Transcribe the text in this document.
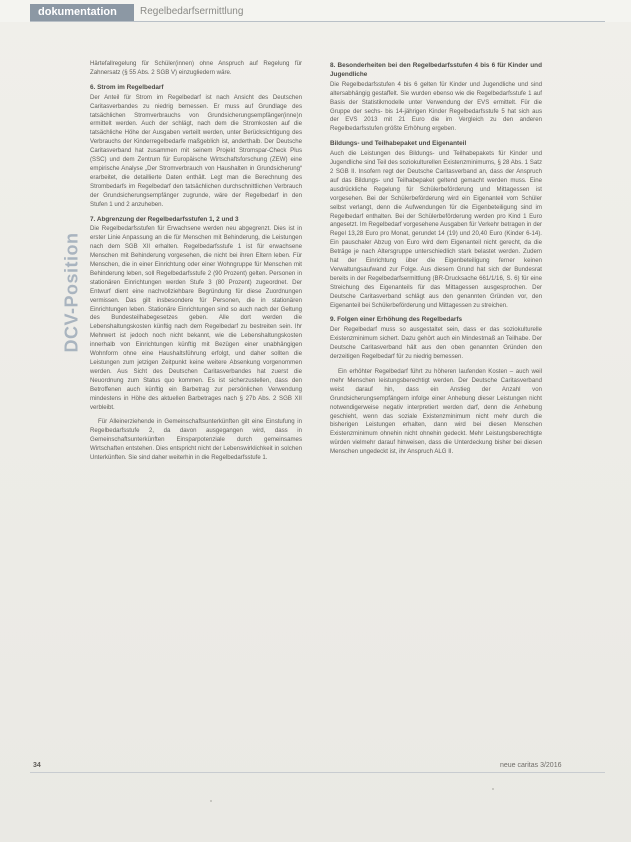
dokumentation	Regelbedarfsermittlung
DCV-Position

Härtefallregelung für Schüler(innen) ohne Anspruch auf Regelung für Zahnersatz (§ 55 Abs. 2 SGB V) einzugliedern wäre.

6. Strom im Regelbedarf

Der Anteil für Strom im Regelbedarf ist nach Ansicht des Deutschen Caritasverbandes zu niedrig bemessen. Er muss auf Grundlage des tatsächlichen Stromverbrauchs von Grundsicherungsempfänger(inne)n ermittelt werden. Auch der schlägt, nach dem die Stromkosten auf die tatsächliche Höhe der Ausgaben verteilt werden, unter Berücksichtigung des Verbrauchs der Kinderregelbedarfe maßgeblich ist, anderthalb. Der Deutsche Caritasverband hat zusammen mit seinem Projekt Stromspar-Check Plus (SSC) und dem Zentrum für Europäische Wirtschaftsforschung (ZEW) eine empirische Analyse „Der Stromverbrauch von Haushalten in Grundsicherung“ erarbeitet, die detaillierte Daten enthält. Legt man die Berechnung des Strombedarfs im Regelbedarf den tatsächlichen durchschnittlichen Verbrauch der Grundsicherungsempfänger zugrunde, wäre der Regelbedarf in den Stufen 1 und 2 anzuheben.

7. Abgrenzung der Regelbedarfsstufen 1, 2 und 3

Die Regelbedarfsstufen für Erwachsene werden neu abgegrenzt. Dies ist in erster Linie Anpassung an die für Menschen mit Behinderung, die Leistungen nach dem SGB XII erhalten. Regelbedarfsstufe 1 ist für erwachsene Menschen mit Behinderung vorgesehen, die nicht bei ihren Eltern leben. Für Menschen, die in einer Einrichtung oder einer Wohngruppe für Menschen mit Behinderung leben, soll Regelbedarfsstufe 2 (90 Prozent) gelten. Personen in stationären Einrichtungen werden Stufe 3 (80 Prozent) zugeordnet. Der Entwurf dient eine nachvollziehbare Begründung für diese Zuordnungen vermissen. Das gilt insbesondere für Personen, die in stationären Einrichtungen leben. Stationäre Einrichtungen sind so auch nach der Geltung des Bundesteilhabegesetzes geben. Alle dort werden die Lebenshaltungskosten künftig nach dem Regelbedarf zu bestreiten sein. Ihr Mehrwert ist jedoch noch nicht bekannt, wie die Lebenshaltungskosten innerhalb von Einrichtungen künftig mit Bezügen einer unabhängigen Wohnform ohne eine Haushaltsführung erfolgt, und daher sollten die Leistungen zum jetzigen Zeitpunkt keine weitere Absenkung vorgenommen werden. Aus Sicht des Deutschen Caritasverbandes hat zuerst die Neuordnung zum Status quo kommen. Es ist sicherzustellen, dass den Betroffenen auch künftig ein Barbetrag zur persönlichen Verwendung mindestens in Höhe des aktuellen Barbetrages nach § 27b Abs. 2 SGB XII verbleibt.

Für Alleinerziehende in Gemeinschaftsunterkünften gilt eine Einstufung in Regelbedarfsstufe 2, da davon ausgegangen wird, dass in Gemeinschaftsunterkünften Einsparpotenziale durch gemeinsames Wirtschaften entstehen. Dies entspricht nicht der Lebenswirklichkeit in solchen Unterkünften. Sie sind daher weiterhin in die Regelbedarfsstufe 1.

8. Besonderheiten bei den Regelbedarfsstufen 4 bis 6 für Kinder und Jugendliche

Die Regelbedarfsstufen 4 bis 6 gelten für Kinder und Jugendliche und sind altersabhängig gestaffelt. Sie wurden ebenso wie die Regelbedarfsstufe 1 auf Basis der Statistikmodelle unter Verwendung der EVS ermittelt. Für die Gruppe der sechs- bis 14-jährigen Kinder Regelbedarfsstufe 5 hat sich aus der EVS 2013 mit 21 Euro die im Vergleich zu den anderen Regelbedarfsstufen größte Erhöhung ergeben.

Bildungs- und Teilhabepaket und Eigenanteil

Auch die Leistungen des Bildungs- und Teilhabepakets für Kinder und Jugendliche sind Teil des soziokulturellen Existenzminimums, § 28 Abs. 1 Satz 2 SGB II. Insofern regt der Deutsche Caritasverband an, dass der Anspruch auf das Bildungs- und Teilhabepaket geltend gemacht werden muss. Eine ausdrückliche Regelung für Schülerbeförderung und Mittagessen ist vorgesehen. Bei der Schülerbeförderung wird ein Eigenanteil vom Schüler selbst verlangt, denn die Aufwendungen für die Eigenbeteiligung sind im Regelbedarf enthalten. Bei der Schülerbeförderung werden pro Kind 1 Euro angesetzt. Im Regelbedarf vorgesehene Ausgaben für Verkehr betragen in der Regel 13,28 Euro pro Monat, gerundet 14 (19) und 20,40 Euro (Kinder 6-14). Ein pauschaler Abzug von Euro wird dem Eigenanteil nicht gerecht, da die Beträge je nach Altersgruppe unterschiedlich stark belastet werden. Zudem hat der Einrichtung über die Eigenbeteiligung ferner keinen Verwaltungsaufwand zur Folge. Aus diesem Grund hat sich der Bundesrat bereits in der Regelbedarfsermittlung (BR-Drucksache 661/1/16, S. 6) für eine Streichung des Eigenanteils für das Mittagessen ausgesprochen. Der Deutsche Caritasverband schlägt aus den genannten Gründen vor, den Eigenanteil bei Schülerbeförderung und Mittagessen zu streichen.

9. Folgen einer Erhöhung des Regelbedarfs

Der Regelbedarf muss so ausgestaltet sein, dass er das soziokulturelle Existenzminimum sichert. Dazu gehört auch ein Mindestmaß an Teilhabe. Der Deutsche Caritasverband hält aus den oben genannten Gründen den derzeitigen Regelbedarf für zu niedrig bemessen.

Ein erhöhter Regelbedarf führt zu höheren laufenden Kosten – auch weil mehr Menschen leistungsberechtigt werden. Der Deutsche Caritasverband weist darauf hin, dass ein Anstieg der Anzahl von Grundsicherungsempfängern infolge einer Anhebung dieser Leistungen nicht notwendigerweise negativ interpretiert werden darf, denn die Anhebung geschieht, wenn das soziale Existenzminimum nicht mehr durch die bisherigen Leistungen erhalten, dann wird bei diesen Menschen Existenzminimum ohnehin nicht ohnehin gedeckt. Mehr Leistungsberechtigte würden vielmehr darauf hinweisen, dass die Unterdeckung bisher bei diesen Menschen ungedeckt ist, ihr Anspruch ALG II.

34	neue caritas 3/2016
